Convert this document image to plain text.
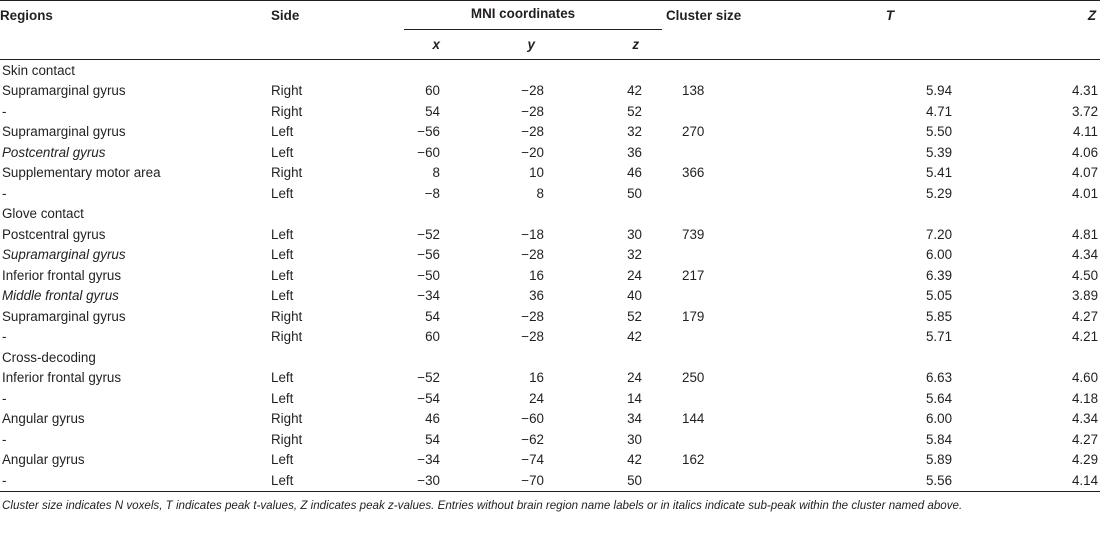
Regions	Side	MNI coordinates			Cluster size	T	Z
		x	y	z			
Skin contact							
Supramarginal gyrus	Right	60	−28	42	138	5.94	4.31
-	Right	54	−28	52		4.71	3.72
Supramarginal gyrus	Left	−56	−28	32	270	5.50	4.11
Postcentral gyrus	Left	−60	−20	36		5.39	4.06
Supplementary motor area	Right	8	10	46	366	5.41	4.07
-	Left	−8	8	50		5.29	4.01
Glove contact							
Postcentral gyrus	Left	−52	−18	30	739	7.20	4.81
Supramarginal gyrus	Left	−56	−28	32		6.00	4.34
Inferior frontal gyrus	Left	−50	16	24	217	6.39	4.50
Middle frontal gyrus	Left	−34	36	40		5.05	3.89
Supramarginal gyrus	Right	54	−28	52	179	5.85	4.27
-	Right	60	−28	42		5.71	4.21
Cross-decoding							
Inferior frontal gyrus	Left	−52	16	24	250	6.63	4.60
-	Left	−54	24	14		5.64	4.18
Angular gyrus	Right	46	−60	34	144	6.00	4.34
-	Right	54	−62	30		5.84	4.27
Angular gyrus	Left	−34	−74	42	162	5.89	4.29
-	Left	−30	−70	50		5.56	4.14
Cluster size indicates N voxels, T indicates peak t-values, Z indicates peak z-values. Entries without brain region name labels or in italics indicate sub-peak within the cluster named above.
